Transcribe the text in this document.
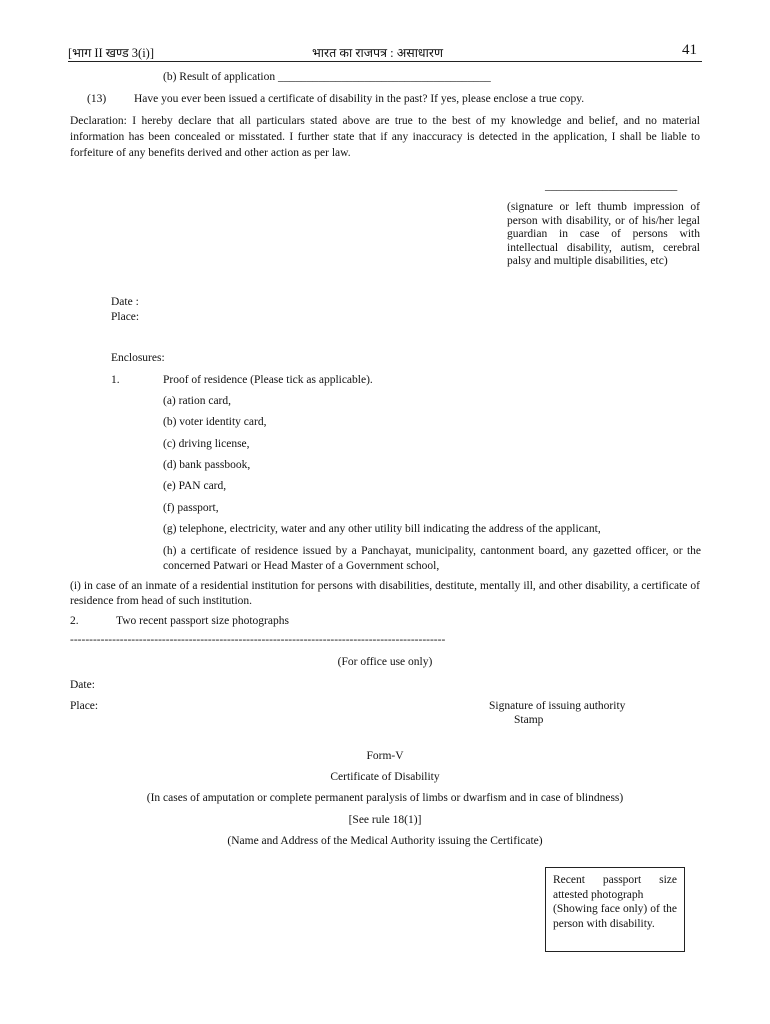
[भाग II खण्ड 3(i)]	भारत का राजपत्र : असाधारण	41
(b) Result of application _____________________________________
(13) Have you ever been issued a certificate of disability in the past? If yes, please enclose a true copy.
Declaration: I hereby declare that all particulars stated above are true to the best of my knowledge and belief, and no material information has been concealed or misstated. I further state that if any inaccuracy is detected in the application, I shall be liable to forfeiture of any benefits derived and other action as per law.
_______________________
(signature or left thumb impression of person with disability, or of his/her legal guardian in case of persons with intellectual disability, autism, cerebral palsy and multiple disabilities, etc)
Date :
Place:
Enclosures:
1.	Proof of residence (Please tick as applicable).
(a) ration card,
(b) voter identity card,
(c) driving license,
(d) bank passbook,
(e) PAN card,
(f) passport,
(g) telephone, electricity, water and any other utility bill indicating the address of the applicant,
(h) a certificate of residence issued by a Panchayat, municipality, cantonment board, any gazetted officer, or the concerned Patwari or Head Master of a Government school,
(i) in case of an inmate of a residential institution for persons with disabilities, destitute, mentally ill, and other disability, a certificate of residence from head of such institution.
2.	Two recent passport size photographs
--------------------------------------------------------------------------------------------------
(For office use only)
Date:
Place:	Signature of issuing authority
Stamp
Form-V
Certificate of Disability
(In cases of amputation or complete permanent paralysis of limbs or dwarfism and in case of blindness)
[See rule 18(1)]
(Name and Address of the Medical Authority issuing the Certificate)
Recent passport size attested photograph
(Showing face only) of the person with disability.
